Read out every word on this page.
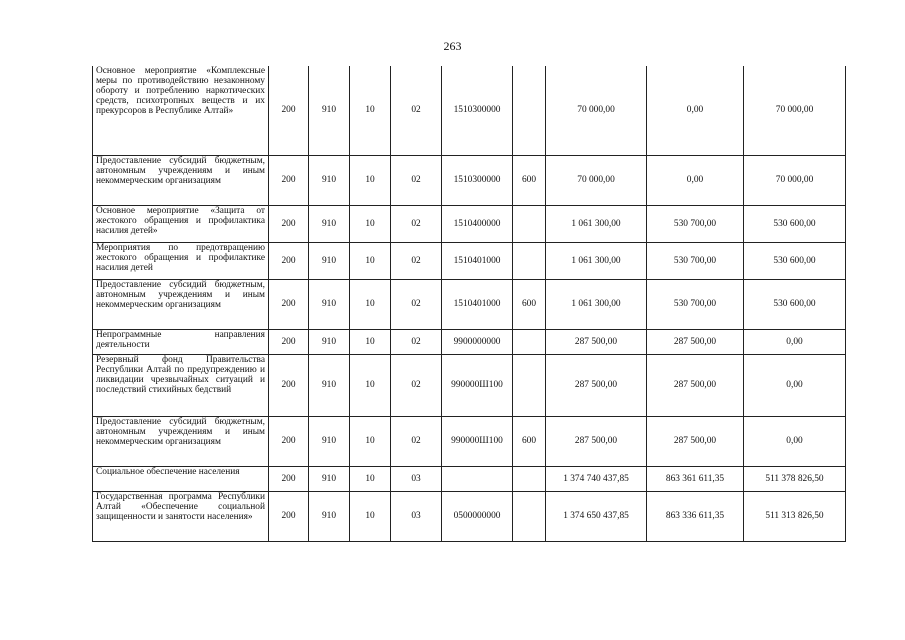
263
Основное мероприятие «Комплексные меры по противодействию незаконному обороту и потреблению наркотических средств, психотропных веществ и их прекурсоров в Республике Алтай»	200	910	10	02	1510300000		70 000,00	0,00	70 000,00
Предоставление субсидий бюджетным, автономным учреждениям и иным некоммерческим организациям	200	910	10	02	1510300000	600	70 000,00	0,00	70 000,00
Основное мероприятие «Защита от жестокого обращения и профилактика насилия детей»	200	910	10	02	1510400000		1 061 300,00	530 700,00	530 600,00
Мероприятия по предотвращению жестокого обращения и профилактике насилия детей	200	910	10	02	1510401000		1 061 300,00	530 700,00	530 600,00
Предоставление субсидий бюджетным, автономным учреждениям и иным некоммерческим организациям	200	910	10	02	1510401000	600	1 061 300,00	530 700,00	530 600,00
Непрограммные направления деятельности	200	910	10	02	9900000000		287 500,00	287 500,00	0,00
Резервный фонд Правительства Республики Алтай по предупреждению и ликвидации чрезвычайных ситуаций и последствий стихийных бедствий	200	910	10	02	990000Ш100		287 500,00	287 500,00	0,00
Предоставление субсидий бюджетным, автономным учреждениям и иным некоммерческим организациям	200	910	10	02	990000Ш100	600	287 500,00	287 500,00	0,00
Социальное обеспечение населения	200	910	10	03			1 374 740 437,85	863 361 611,35	511 378 826,50
Государственная программа Республики Алтай «Обеспечение социальной защищенности и занятости населения»	200	910	10	03	0500000000		1 374 650 437,85	863 336 611,35	511 313 826,50
